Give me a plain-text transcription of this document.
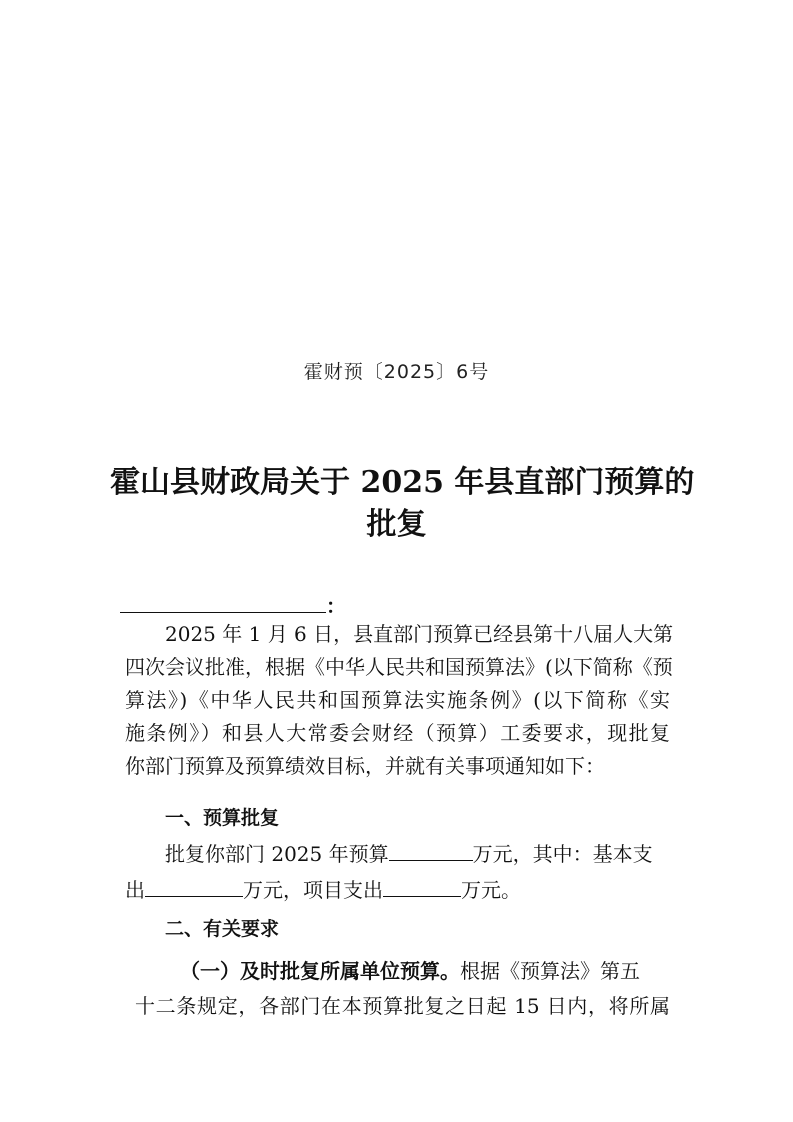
霍财预〔2025〕6号
霍山县财政局关于 2025 年县直部门预算的
批复
：
2025 年 1 月 6 日，县直部门预算已经县第十八届人大第
四次会议批准，根据《中华人民共和国预算法》(以下简称《预
算法》)《中华人民共和国预算法实施条例》(以下简称《实
施条例》）和县人大常委会财经（预算）工委要求，现批复
你部门预算及预算绩效目标，并就有关事项通知如下：
一、预算批复
批复你部门 2025 年预算	万元，其中：基本支
出	万元，项目支出	万元。
二、有关要求
（一）及时批复所属单位预算。根据《预算法》第五
十二条规定，各部门在本预算批复之日起 15 日内，将所属
